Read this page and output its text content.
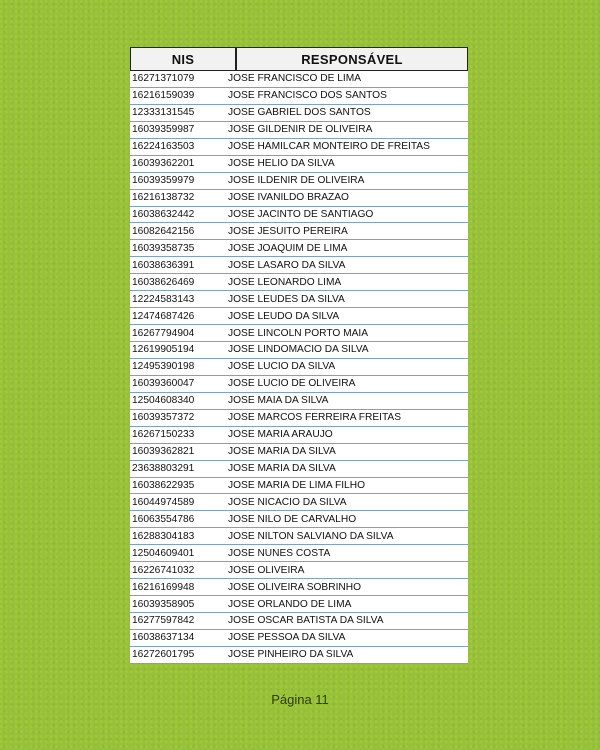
NIS	RESPONSÁVEL
16271371079	JOSE FRANCISCO DE LIMA
16216159039	JOSE FRANCISCO DOS SANTOS
12333131545	JOSE GABRIEL DOS SANTOS
16039359987	JOSE GILDENIR DE OLIVEIRA
16224163503	JOSE HAMILCAR MONTEIRO DE FREITAS
16039362201	JOSE HELIO DA SILVA
16039359979	JOSE ILDENIR DE OLIVEIRA
16216138732	JOSE IVANILDO BRAZAO
16038632442	JOSE JACINTO DE SANTIAGO
16082642156	JOSE JESUITO PEREIRA
16039358735	JOSE JOAQUIM DE LIMA
16038636391	JOSE LASARO DA SILVA
16038626469	JOSE LEONARDO LIMA
12224583143	JOSE LEUDES DA SILVA
12474687426	JOSE LEUDO DA SILVA
16267794904	JOSE LINCOLN PORTO MAIA
12619905194	JOSE LINDOMACIO DA SILVA
12495390198	JOSE LUCIO DA SILVA
16039360047	JOSE LUCIO DE OLIVEIRA
12504608340	JOSE MAIA DA SILVA
16039357372	JOSE MARCOS FERREIRA FREITAS
16267150233	JOSE MARIA ARAUJO
16039362821	JOSE MARIA DA SILVA
23638803291	JOSE MARIA DA SILVA
16038622935	JOSE MARIA DE LIMA FILHO
16044974589	JOSE NICACIO DA SILVA
16063554786	JOSE NILO DE CARVALHO
16288304183	JOSE NILTON SALVIANO DA SILVA
12504609401	JOSE NUNES COSTA
16226741032	JOSE OLIVEIRA
16216169948	JOSE OLIVEIRA SOBRINHO
16039358905	JOSE ORLANDO DE LIMA
16277597842	JOSE OSCAR BATISTA DA SILVA
16038637134	JOSE PESSOA DA SILVA
16272601795	JOSE PINHEIRO DA SILVA
Página 11
